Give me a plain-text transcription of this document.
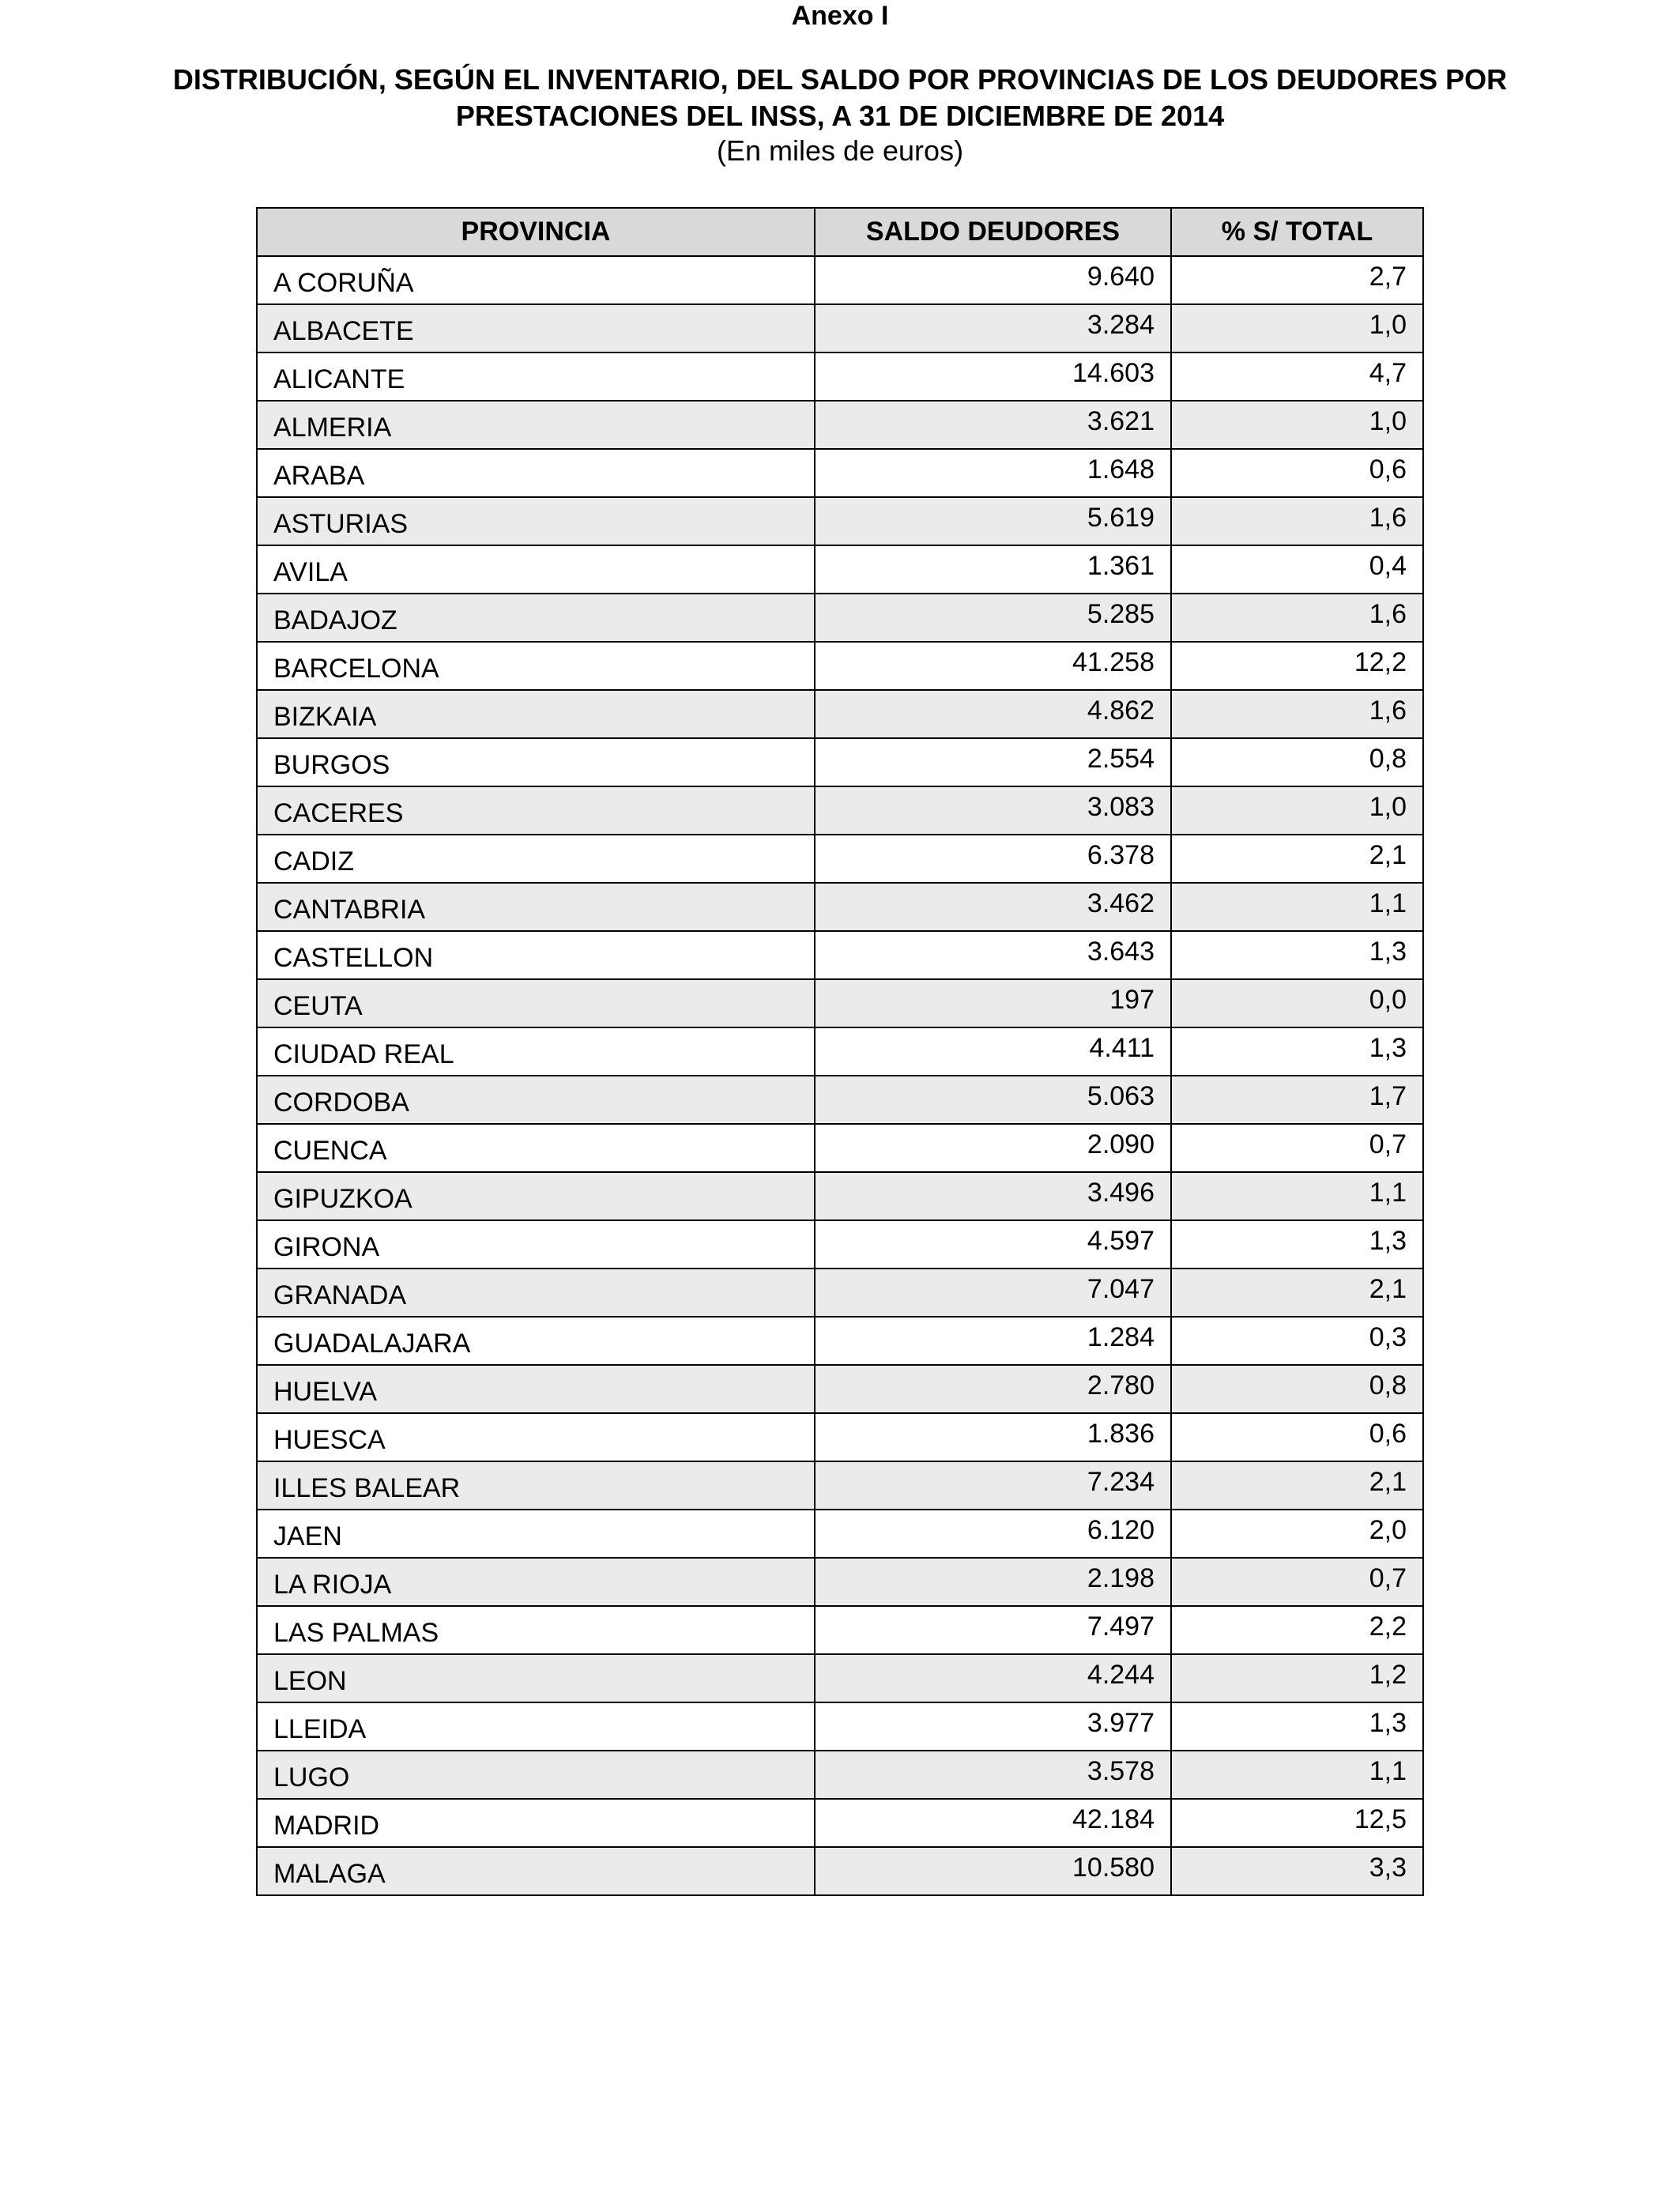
Anexo I
DISTRIBUCIÓN, SEGÚN EL INVENTARIO, DEL SALDO POR PROVINCIAS DE LOS DEUDORES POR
PRESTACIONES DEL INSS, A 31 DE DICIEMBRE DE 2014
(En miles de euros)
PROVINCIA	SALDO DEUDORES	% S/ TOTAL
A CORUÑA	9.640	2,7
ALBACETE	3.284	1,0
ALICANTE	14.603	4,7
ALMERIA	3.621	1,0
ARABA	1.648	0,6
ASTURIAS	5.619	1,6
AVILA	1.361	0,4
BADAJOZ	5.285	1,6
BARCELONA	41.258	12,2
BIZKAIA	4.862	1,6
BURGOS	2.554	0,8
CACERES	3.083	1,0
CADIZ	6.378	2,1
CANTABRIA	3.462	1,1
CASTELLON	3.643	1,3
CEUTA	197	0,0
CIUDAD REAL	4.411	1,3
CORDOBA	5.063	1,7
CUENCA	2.090	0,7
GIPUZKOA	3.496	1,1
GIRONA	4.597	1,3
GRANADA	7.047	2,1
GUADALAJARA	1.284	0,3
HUELVA	2.780	0,8
HUESCA	1.836	0,6
ILLES BALEAR	7.234	2,1
JAEN	6.120	2,0
LA RIOJA	2.198	0,7
LAS PALMAS	7.497	2,2
LEON	4.244	1,2
LLEIDA	3.977	1,3
LUGO	3.578	1,1
MADRID	42.184	12,5
MALAGA	10.580	3,3
